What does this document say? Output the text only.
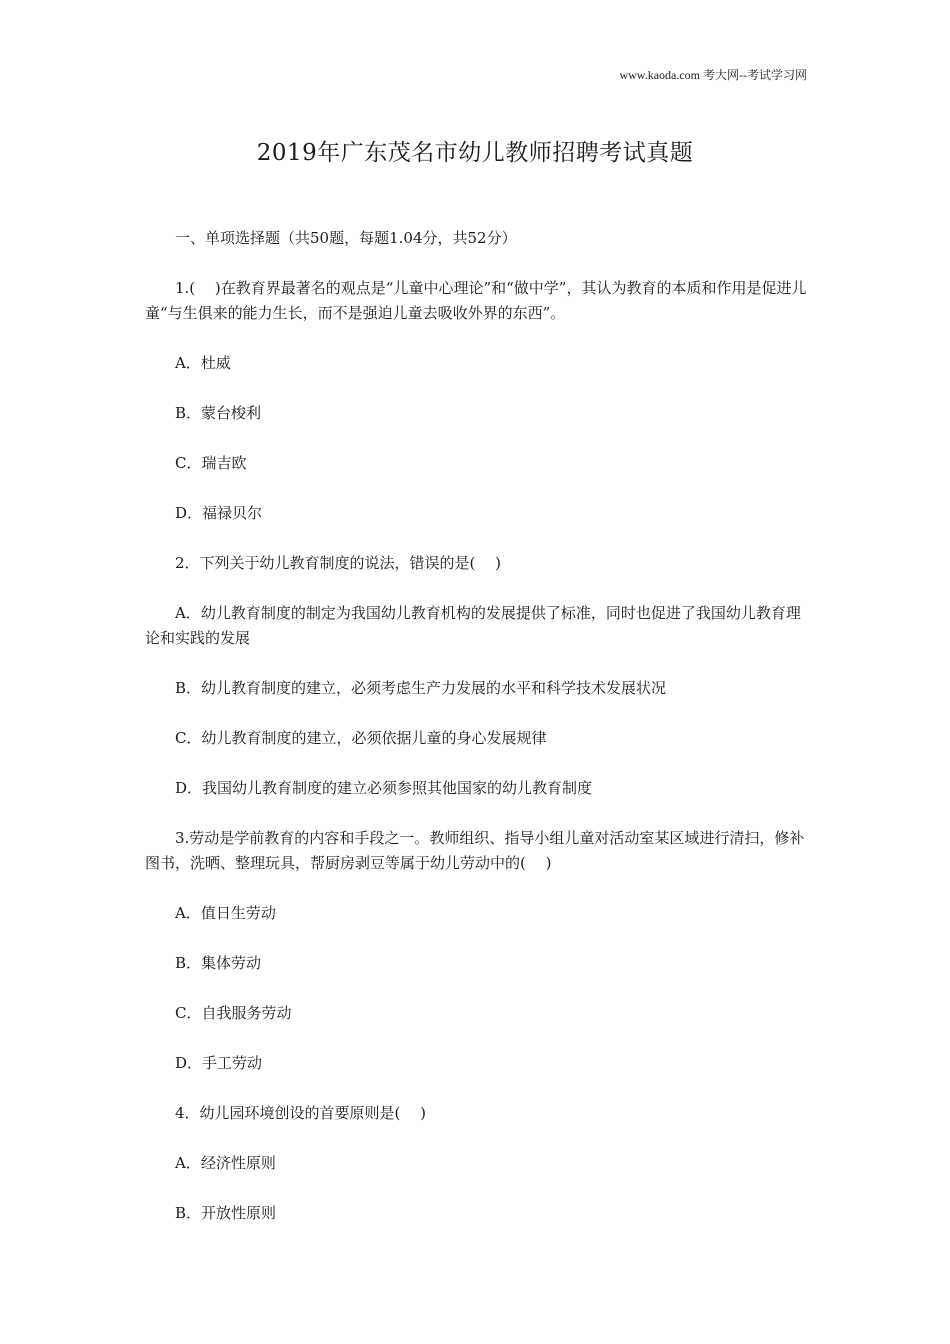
www.kaoda.com 考大网--考试学习网
2019年广东茂名市幼儿教师招聘考试真题

一、单项选择题（共50题，每题1.04分，共52分）

1.(　 )在教育界最著名的观点是“儿童中心理论”和“做中学”，其认为教育的本质和作用是促进儿童“与生俱来的能力生长，而不是强迫儿童去吸收外界的东西”。

A．杜威

B．蒙台梭利

C．瑞吉欧

D．福禄贝尔

2．下列关于幼儿教育制度的说法，错误的是(　 )

A．幼儿教育制度的制定为我国幼儿教育机构的发展提供了标准，同时也促进了我国幼儿教育理论和实践的发展

B．幼儿教育制度的建立，必须考虑生产力发展的水平和科学技术发展状况

C．幼儿教育制度的建立，必须依据儿童的身心发展规律

D．我国幼儿教育制度的建立必须参照其他国家的幼儿教育制度

3.劳动是学前教育的内容和手段之一。教师组织、指导小组儿童对活动室某区域进行清扫，修补图书，洗晒、整理玩具，帮厨房剥豆等属于幼儿劳动中的(　 )

A．值日生劳动

B．集体劳动

C．自我服务劳动

D．手工劳动

4．幼儿园环境创设的首要原则是(　 )

A．经济性原则

B．开放性原则
